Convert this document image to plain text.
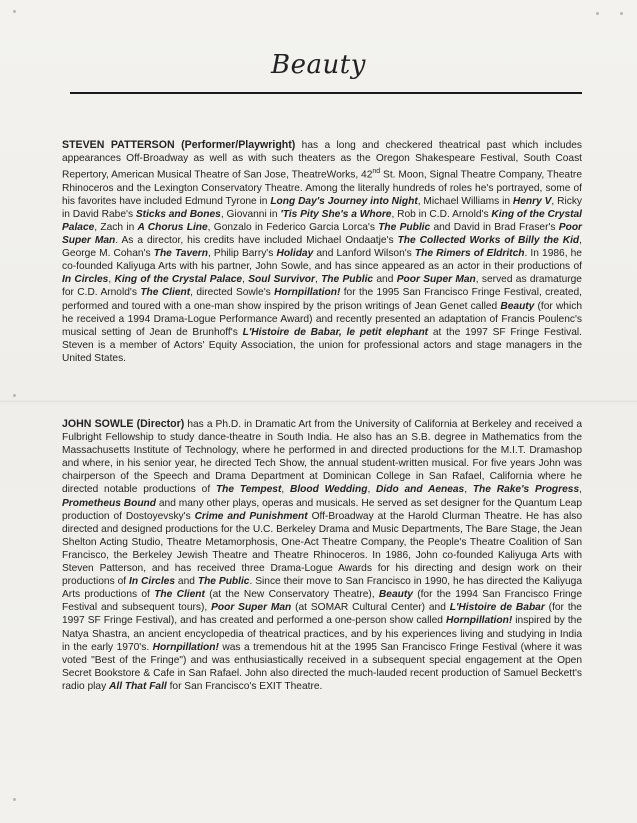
Beauty
STEVEN PATTERSON (Performer/Playwright) has a long and checkered theatrical past which includes appearances Off-Broadway as well as with such theaters as the Oregon Shakespeare Festival, South Coast Repertory, American Musical Theatre of San Jose, TheatreWorks, 42nd St. Moon, Signal Theatre Company, Theatre Rhinoceros and the Lexington Conservatory Theatre. Among the literally hundreds of roles he's portrayed, some of his favorites have included Edmund Tyrone in Long Day's Journey into Night, Michael Williams in Henry V, Ricky in David Rabe's Sticks and Bones, Giovanni in 'Tis Pity She's a Whore, Rob in C.D. Arnold's King of the Crystal Palace, Zach in A Chorus Line, Gonzalo in Federico Garcia Lorca's The Public and David in Brad Fraser's Poor Super Man. As a director, his credits have included Michael Ondaatje's The Collected Works of Billy the Kid, George M. Cohan's The Tavern, Philip Barry's Holiday and Lanford Wilson's The Rimers of Eldritch. In 1986, he co-founded Kaliyuga Arts with his partner, John Sowle, and has since appeared as an actor in their productions of In Circles, King of the Crystal Palace, Soul Survivor, The Public and Poor Super Man, served as dramaturge for C.D. Arnold's The Client, directed Sowle's Hornpillation! for the 1995 San Francisco Fringe Festival, created, performed and toured with a one-man show inspired by the prison writings of Jean Genet called Beauty (for which he received a 1994 Drama-Logue Performance Award) and recently presented an adaptation of Francis Poulenc's musical setting of Jean de Brunhoff's L'Histoire de Babar, le petit elephant at the 1997 SF Fringe Festival. Steven is a member of Actors' Equity Association, the union for professional actors and stage managers in the United States.
JOHN SOWLE (Director) has a Ph.D. in Dramatic Art from the University of California at Berkeley and received a Fulbright Fellowship to study dance-theatre in South India. He also has an S.B. degree in Mathematics from the Massachusetts Institute of Technology, where he performed in and directed productions for the M.I.T. Dramashop and where, in his senior year, he directed Tech Show, the annual student-written musical. For five years John was chairperson of the Speech and Drama Department at Dominican College in San Rafael, California where he directed notable productions of The Tempest, Blood Wedding, Dido and Aeneas, The Rake's Progress, Prometheus Bound and many other plays, operas and musicals. He served as set designer for the Quantum Leap production of Dostoyevsky's Crime and Punishment Off-Broadway at the Harold Clurman Theatre. He has also directed and designed productions for the U.C. Berkeley Drama and Music Departments, The Bare Stage, the Jean Shelton Acting Studio, Theatre Metamorphosis, One-Act Theatre Company, the People's Theatre Coalition of San Francisco, the Berkeley Jewish Theatre and Theatre Rhinoceros. In 1986, John co-founded Kaliyuga Arts with Steven Patterson, and has received three Drama-Logue Awards for his directing and design work on their productions of In Circles and The Public. Since their move to San Francisco in 1990, he has directed the Kaliyuga Arts productions of The Client (at the New Conservatory Theatre), Beauty (for the 1994 San Francisco Fringe Festival and subsequent tours), Poor Super Man (at SOMAR Cultural Center) and L'Histoire de Babar (for the 1997 SF Fringe Festival), and has created and performed a one-person show called Hornpillation! inspired by the Natya Shastra, an ancient encyclopedia of theatrical practices, and by his experiences living and studying in India in the early 1970's. Hornpillation! was a tremendous hit at the 1995 San Francisco Fringe Festival (where it was voted "Best of the Fringe") and was enthusiastically received in a subsequent special engagement at the Open Secret Bookstore & Cafe in San Rafael. John also directed the much-lauded recent production of Samuel Beckett's radio play All That Fall for San Francisco's EXIT Theatre.
